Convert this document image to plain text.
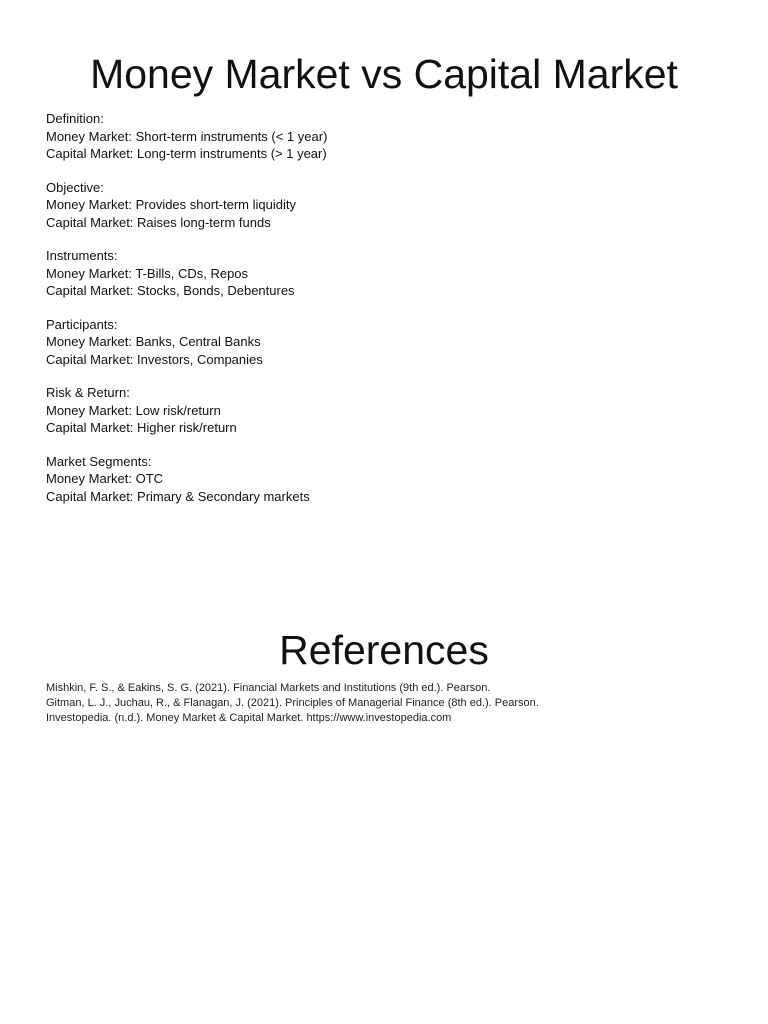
Money Market vs Capital Market
Definition:
Money Market: Short-term instruments (< 1 year)
Capital Market: Long-term instruments (> 1 year)
Objective:
Money Market: Provides short-term liquidity
Capital Market: Raises long-term funds
Instruments:
Money Market: T-Bills, CDs, Repos
Capital Market: Stocks, Bonds, Debentures
Participants:
Money Market: Banks, Central Banks
Capital Market: Investors, Companies
Risk & Return:
Money Market: Low risk/return
Capital Market: Higher risk/return
Market Segments:
Money Market: OTC
Capital Market: Primary & Secondary markets
References
Mishkin, F. S., & Eakins, S. G. (2021). Financial Markets and Institutions (9th ed.). Pearson.
Gitman, L. J., Juchau, R., & Flanagan, J. (2021). Principles of Managerial Finance (8th ed.). Pearson.
Investopedia. (n.d.). Money Market & Capital Market. https://www.investopedia.com
